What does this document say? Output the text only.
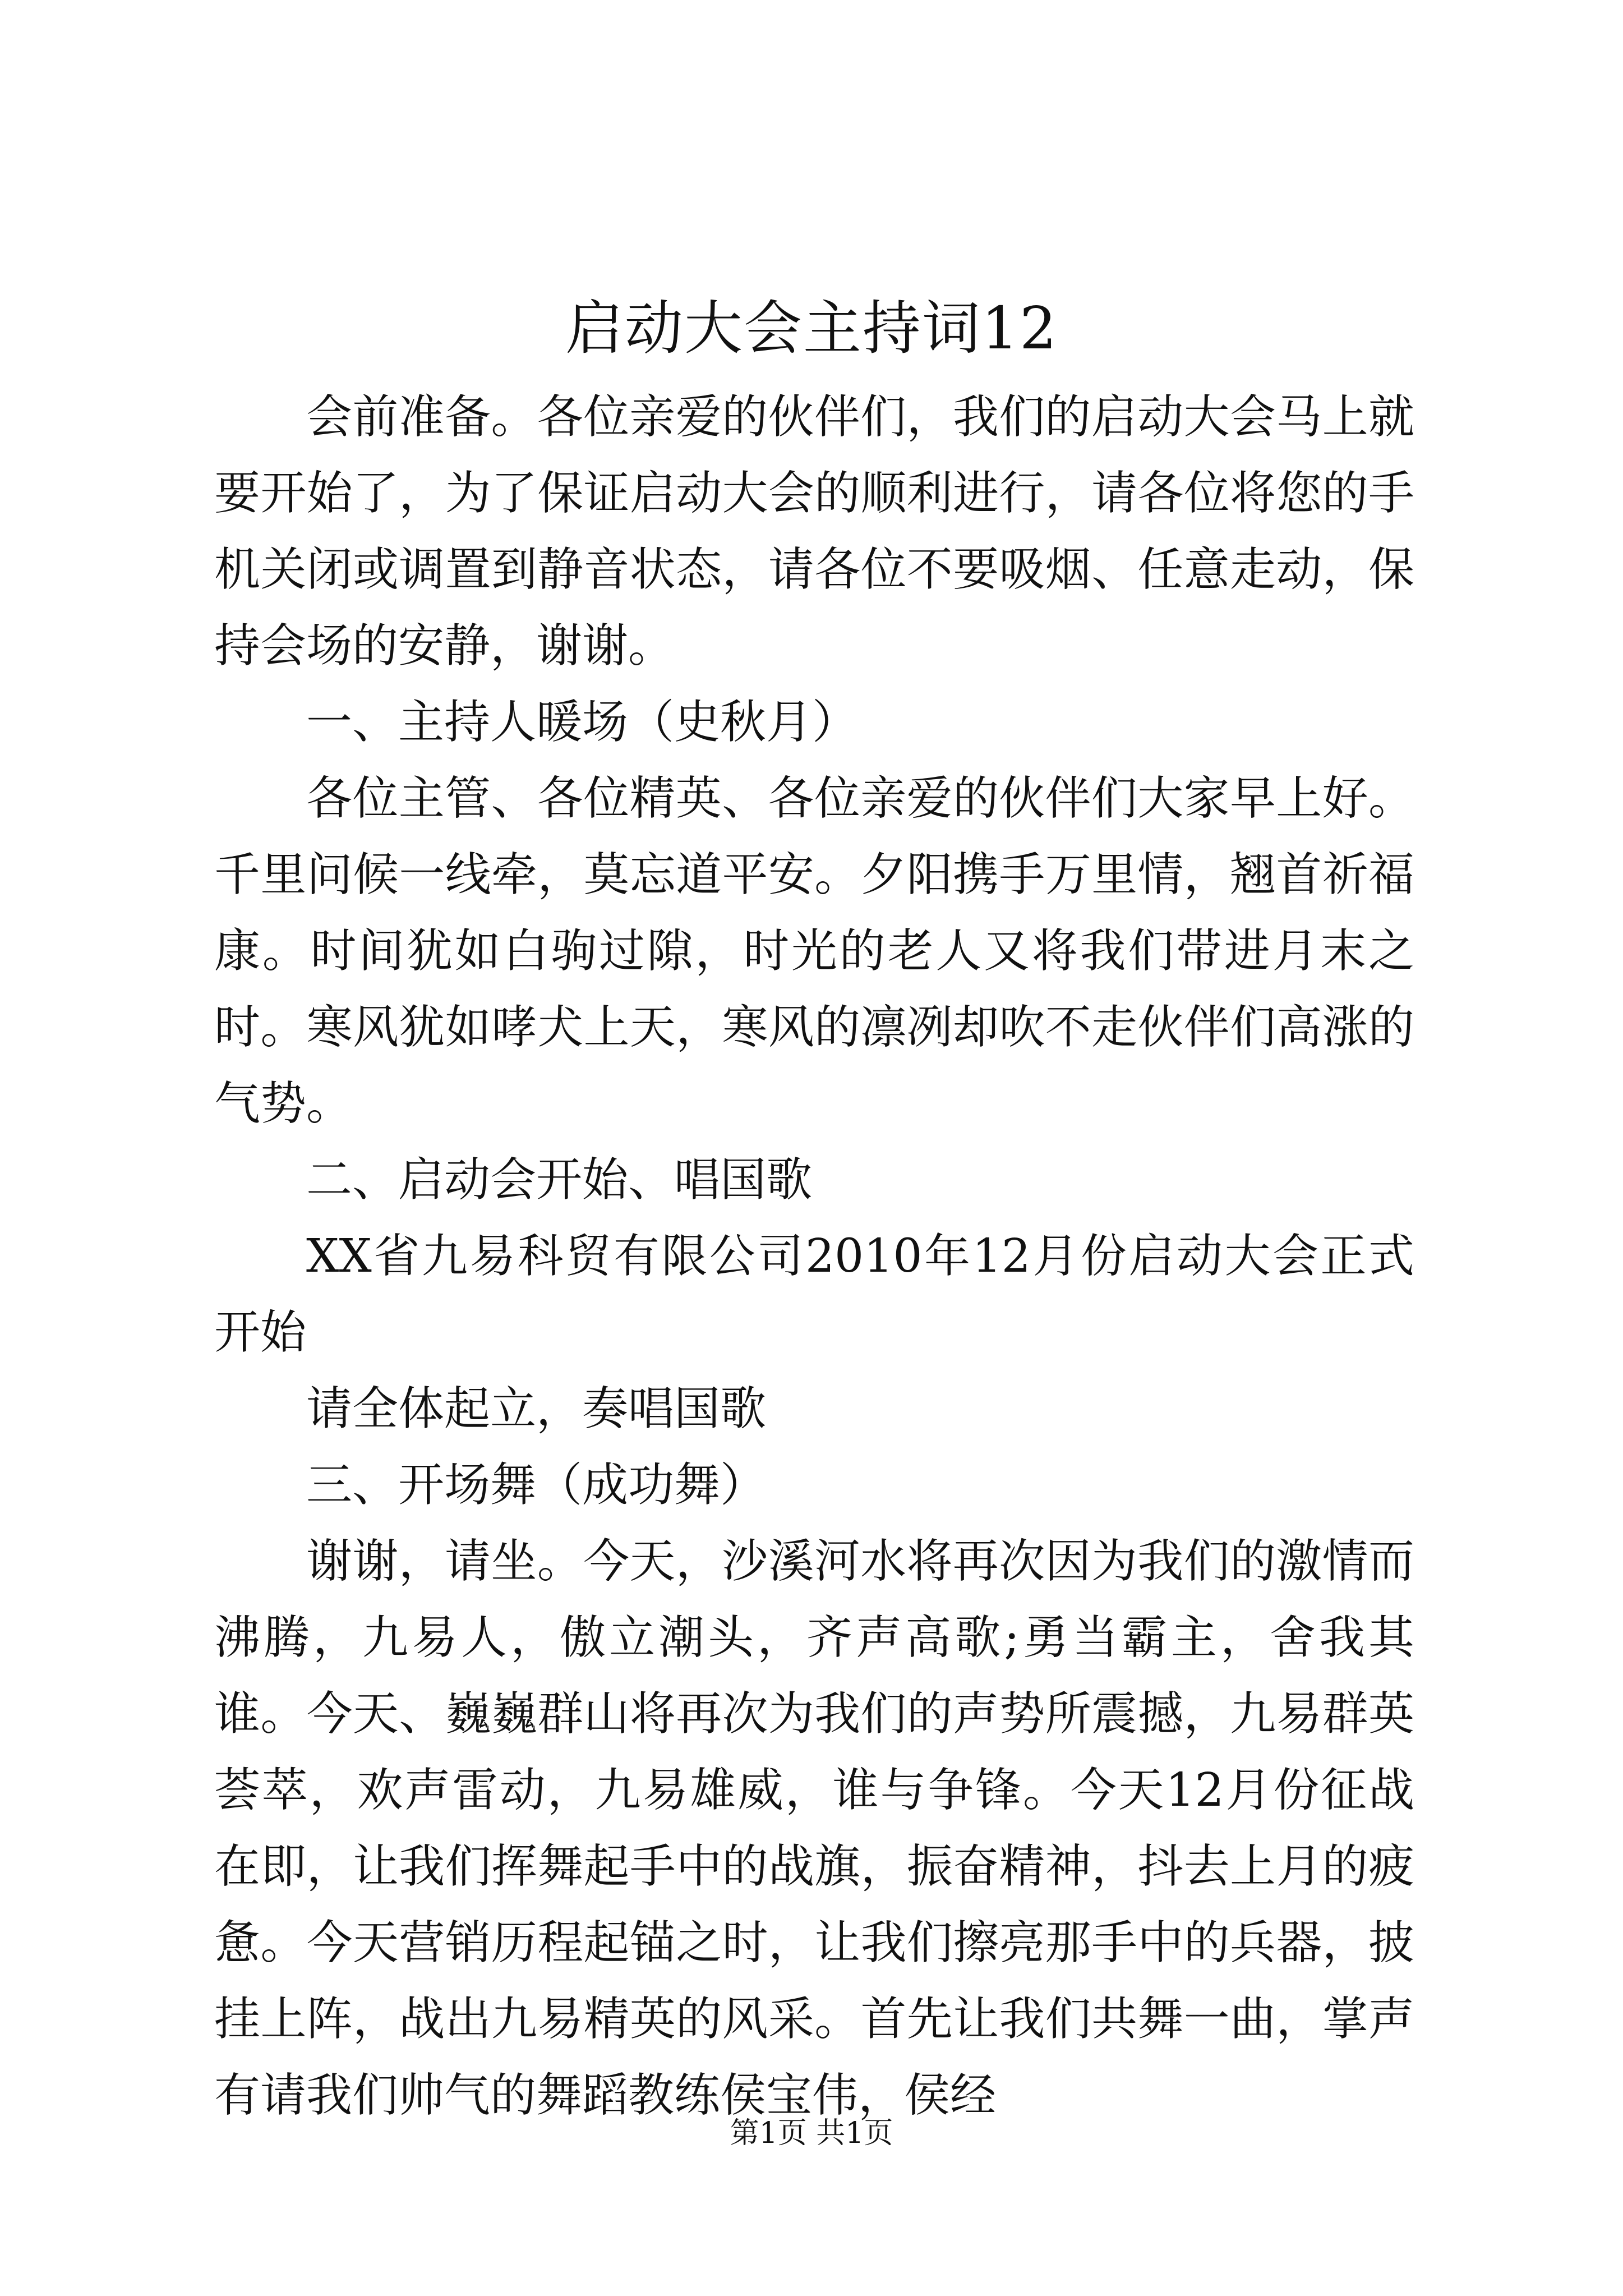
启动大会主持词12

会前准备。各位亲爱的伙伴们，我们的启动大会马上就要开始了，为了保证启动大会的顺利进行，请各位将您的手机关闭或调置到静音状态，请各位不要吸烟、任意走动，保持会场的安静，谢谢。

一、主持人暖场（史秋月）

各位主管、各位精英、各位亲爱的伙伴们大家早上好。千里问候一线牵，莫忘道平安。夕阳携手万里情，翘首祈福康。时间犹如白驹过隙，时光的老人又将我们带进月末之时。寒风犹如哮犬上天，寒风的凛冽却吹不走伙伴们高涨的气势。

二、启动会开始、唱国歌

XX省九易科贸有限公司2010年12月份启动大会正式开始

请全体起立，奏唱国歌

三、开场舞（成功舞）

谢谢，请坐。今天，沙溪河水将再次因为我们的激情而沸腾，九易人，傲立潮头，齐声高歌;勇当霸主，舍我其谁。今天、巍巍群山将再次为我们的声势所震撼，九易群英荟萃，欢声雷动，九易雄威，谁与争锋。今天12月份征战在即，让我们挥舞起手中的战旗，振奋精神，抖去上月的疲惫。今天营销历程起锚之时，让我们擦亮那手中的兵器，披挂上阵，战出九易精英的风采。首先让我们共舞一曲，掌声有请我们帅气的舞蹈教练侯宝伟，侯经

第1页 共1页
